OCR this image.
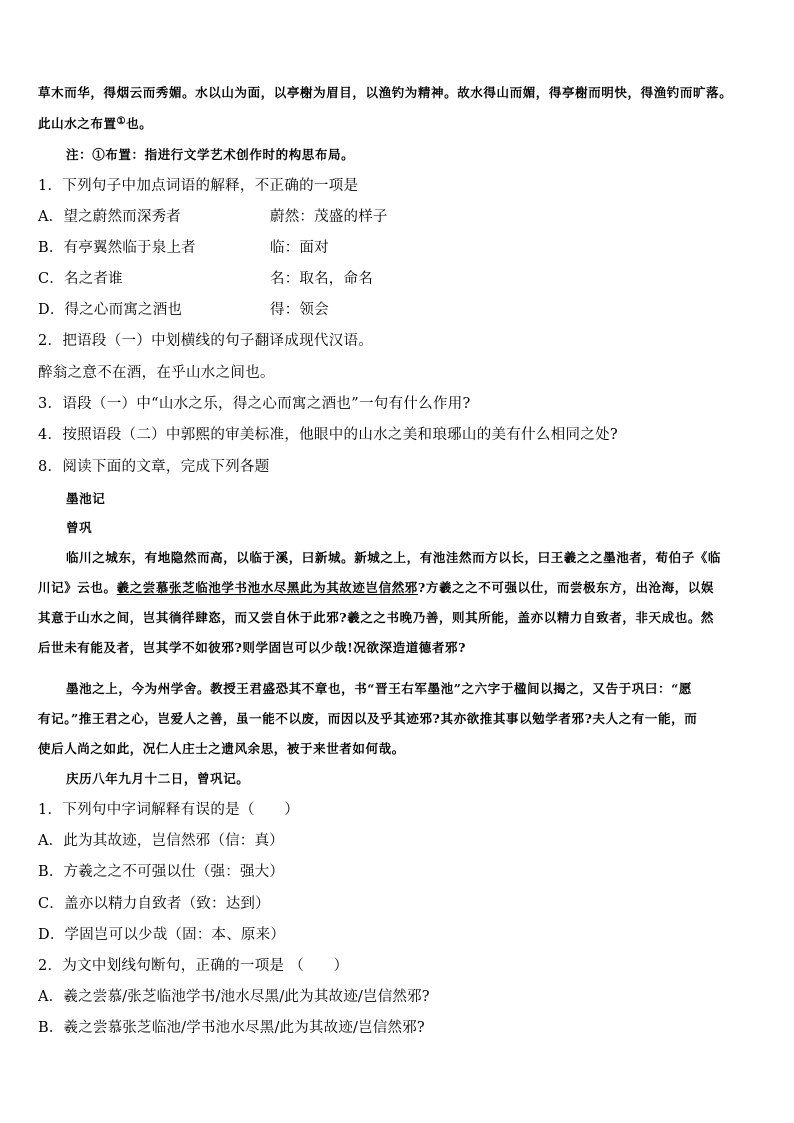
草木而华，得烟云而秀媚。水以山为面，以亭榭为眉目，以渔钓为精神。故水得山而媚，得亭榭而明快，得渔钓而旷落。
此山水之布置①也。
注：①布置：指进行文学艺术创作时的构思布局。
1．下列句子中加点词语的解释，不正确的一项是
A．望之蔚然而深秀者	蔚然：茂盛的样子
B．有亭翼然临于泉上者	临：面对
C．名之者谁	名：取名，命名
D．得之心而寓之酒也	得：领会
2．把语段（一）中划横线的句子翻译成现代汉语。
醉翁之意不在酒，在乎山水之间也。
3．语段（一）中“山水之乐，得之心而寓之酒也”一句有什么作用?
4．按照语段（二）中郭熙的审美标准，他眼中的山水之美和琅琊山的美有什么相同之处?
8．阅读下面的文章，完成下列各题
墨池记
曾巩
临川之城东，有地隐然而高，以临于溪，曰新城。新城之上，有池洼然而方以长，曰王羲之之墨池者，荀伯子《临
川记》云也。羲之尝慕张芝临池学书池水尽黑此为其故迹岂信然邪?方羲之之不可强以仕，而尝极东方，出沧海，以娱
其意于山水之间，岂其徜徉肆恣，而又尝自休于此邪?羲之之书晚乃善，则其所能，盖亦以精力自致者，非天成也。然
后世未有能及者，岂其学不如彼邪?则学固岂可以少哉!况欲深造道德者邪?
墨池之上，今为州学舍。教授王君盛恐其不章也，书“晋王右军墨池”之六字于楹间以揭之，又告于巩曰：“愿
有记。”推王君之心，岂爱人之善，虽一能不以废，而因以及乎其迹邪?其亦欲推其事以勉学者邪?夫人之有一能，而
使后人尚之如此，况仁人庄士之遗风余思，被于来世者如何哉。
庆历八年九月十二日，曾巩记。
1．下列句中字词解释有误的是（　　）
A．此为其故迹，岂信然邪（信：真）
B．方羲之之不可强以仕（强：强大）
C．盖亦以精力自致者（致：达到）
D．学固岂可以少哉（固：本、原来）
2．为文中划线句断句，正确的一项是 （　　）
A．羲之尝慕/张芝临池学书/池水尽黑/此为其故迹/岂信然邪?
B．羲之尝慕张芝临池/学书池水尽黑/此为其故迹/岂信然邪?
